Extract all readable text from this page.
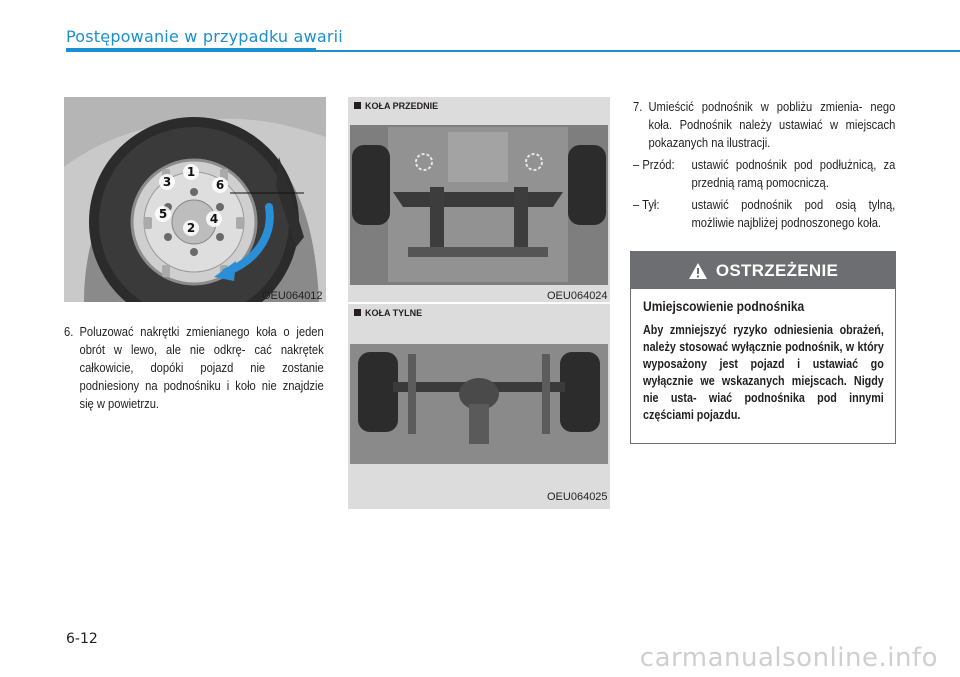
Postępowanie w przypadku awarii
1
2
3
4
5
6
OEU064012
KOŁA PRZEDNIE
OEU064024
KOŁA TYLNE
OEU064025
6. Poluzować nakrętki zmienianego koła o jeden obrót w lewo, ale nie odkrę- cać nakrętek całkowicie, dopóki pojazd nie zostanie podniesiony na podnośniku i koło nie znajdzie się w powietrzu.
7. Umieścić podnośnik w pobliżu zmienia- nego koła. Podnośnik należy ustawiać w miejscach pokazanych na ilustracji.
– Przód:	ustawić podnośnik pod podłużnicą, za przednią ramą pomocniczą.
– Tył:	ustawić podnośnik pod osią tylną, możliwie najbliżej podnoszonego koła.
OSTRZEŻENIE
Umiejscowienie podnośnika
Aby zmniejszyć ryzyko odniesienia obrażeń, należy stosować wyłącznie podnośnik, w który wyposażony jest pojazd i ustawiać go wyłącznie we wskazanych miejscach. Nigdy nie usta- wiać podnośnika pod innymi częściami pojazdu.
6-12
carmanualsonline.info
